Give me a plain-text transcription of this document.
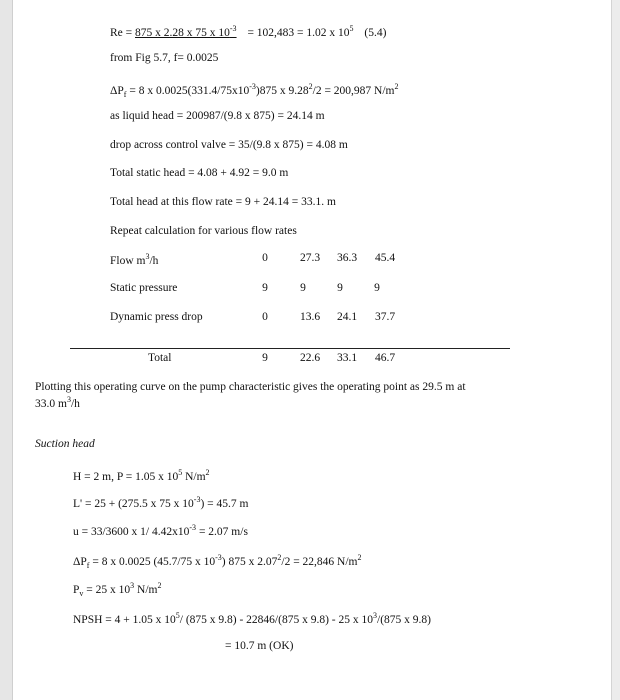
Re = 875 x 2.28 x 75 x $10^{-3} = 102,483 = 1.02$ x $10^5$ (5.4)
from Fig 5.7, f= 0.0025
$\Delta P_f = 8$ x $0.0025(331.4/75x10^{-3})875$ x $9.28^2/2 = 200,987$ $N/m^2$
as liquid head = 200987/(9.8 x 875) = 24.14 m
drop across control valve = 35/(9.8 x 875) = 4.08 m
Total static head = 4.08 + 4.92 = 9.0 m
Total head at this flow rate = 9 + 24.14 = 33.1. m
Repeat calculation for various flow rates
Flow $m^3/h$	0	27.3	36.3	45.4
Static pressure	9	9	9	9
Dynamic press drop	0	13.6	24.1	37.7
Total	9	22.6	33.1	46.7
Plotting this operating curve on the pump characteristic gives the operating point as 29.5 m at
33.0 $m^3/h$
Suction head
H = 2 m, P = 1.05 x $10^5$ $N/m^2$
L' = 25 + (275.5 x 75 x $10^{-3}) = 45.7$ m
u = 33/3600 x 1/ $4.42x10^{-3} = 2.07$ m/s
$\Delta P_f = 8$ x 0.0025 (45.7/75 x $10^{-3}$) 875 x $2.07^2/2 = 22,846$ $N/m^2$
$P_v = 25$ x $10^3$ $N/m^2$
NPSH = 4 + 1.05 x $10^5/$ (875 x 9.8) - 22846/(875 x 9.8) - 25 x $10^3/(875$ x 9.8)
= 10.7 m (OK)
